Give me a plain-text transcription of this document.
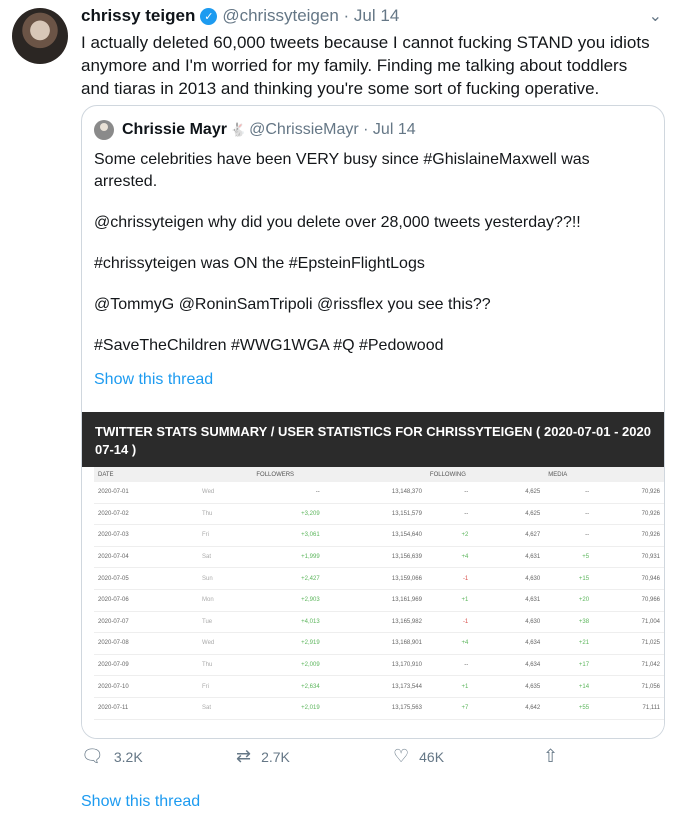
chrissy teigen ✓ @chrissyteigen · Jul 14	⌄
I actually deleted 60,000 tweets because I cannot fucking STAND you idiots anymore and I'm worried for my family. Finding me talking about toddlers and tiaras in 2013 and thinking you're some sort of fucking operative.
Chrissie Mayr 🐇 @ChrissieMayr · Jul 14

Some celebrities have been VERY busy since #GhislaineMaxwell was arrested.

@chrissyteigen why did you delete over 28,000 tweets yesterday??!!

#chrissyteigen was ON the #EpsteinFlightLogs

@TommyG @RoninSamTripoli @rissflex you see this??

#SaveTheChildren #WWG1WGA #Q #Pedowood

Show this thread
TWITTER STATS SUMMARY / USER STATISTICS FOR CHRISSYTEIGEN ( 2020-07-01 - 2020
07-14 )
DATE		FOLLOWERS		FOLLOWING		MEDIA	
2020-07-01	Wed	--	13,148,370	--	4,625	--	70,926
2020-07-02	Thu	+3,209	13,151,579	--	4,625	--	70,926
2020-07-03	Fri	+3,061	13,154,640	+2	4,627	--	70,926
2020-07-04	Sat	+1,999	13,156,639	+4	4,631	+5	70,931
2020-07-05	Sun	+2,427	13,159,066	-1	4,630	+15	70,946
2020-07-06	Mon	+2,903	13,161,969	+1	4,631	+20	70,966
2020-07-07	Tue	+4,013	13,165,982	-1	4,630	+38	71,004
2020-07-08	Wed	+2,919	13,168,901	+4	4,634	+21	71,025
2020-07-09	Thu	+2,009	13,170,910	--	4,634	+17	71,042
2020-07-10	Fri	+2,634	13,173,544	+1	4,635	+14	71,056
2020-07-11	Sat	+2,019	13,175,563	+7	4,642	+55	71,111
🗨 3.2K	⇄ 2.7K	♡ 46K	⇧
Show this thread
